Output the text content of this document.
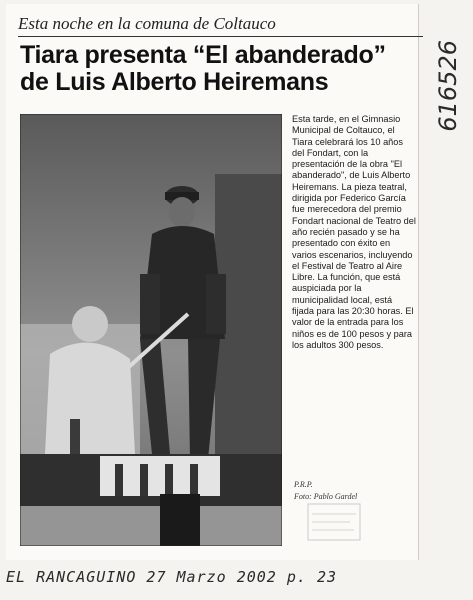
Esta noche en la comuna de Coltauco
Tiara presenta “El abanderado” de Luis Alberto Heiremans
Esta tarde, en el Gimnasio Municipal de Coltauco, el Tiara celebrará los 10 años del Fondart, con la presentación de la obra "El abanderado", de Luis Alberto Heiremans. La pieza teatral, dirigida por Federico García fue merecedora del premio Fondart nacional de Teatro del año recién pasado y se ha presentado con éxito en varios escenarios, incluyendo el Festival de Teatro al Aire Libre. La función, que está auspiciada por la municipalidad local, está fijada para las 20:30 horas. El valor de la entrada para los niños es de 100 pesos y para los adultos 300 pesos.
P.R.P.
Foto: Pablo Gardel
616526
EL RANCAGUINO 27 Marzo 2002 p. 23
